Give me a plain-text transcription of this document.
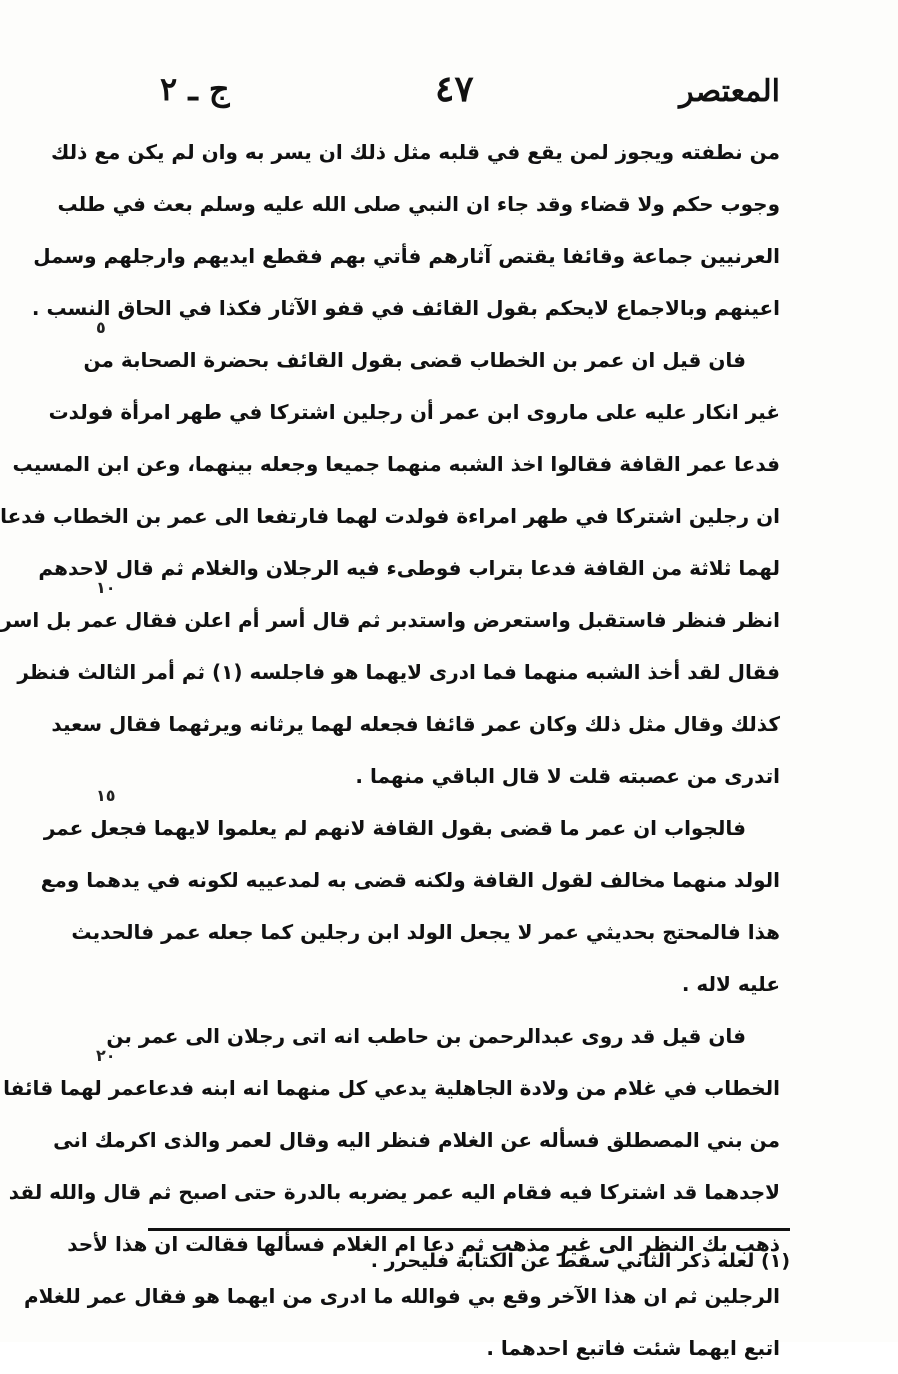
المعتصر
٤٧
ج ـ ٢
من نطفته ويجوز لمن يقع في قلبه مثل ذلك ان يسر به وان لم يكن مع ذلك
وجوب حكم ولا قضاء وقد جاء ان النبي صلى الله عليه وسلم بعث في طلب
العرنيين جماعة وقائفا يقتص آثارهم فأتي بهم فقطع ايديهم وارجلهم وسمل
اعينهم وبالاجماع لايحكم بقول القائف في قفو الآثار فكذا في الحاق النسب .
فان قيل ان عمر بن الخطاب قضى بقول القائف بحضرة الصحابة من
غير انكار عليه على ماروى ابن عمر أن رجلين اشتركا في طهر امرأة فولدت
فدعا عمر القافة فقالوا اخذ الشبه منهما جميعا وجعله بينهما، وعن ابن المسيب
ان رجلين اشتركا في طهر امراءة فولدت لهما فارتفعا الى عمر بن الخطاب فدعا
لهما ثلاثة من القافة فدعا بتراب فوطىء فيه الرجلان والغلام ثم قال لاحدهم
انظر فنظر فاستقبل واستعرض واستدبر ثم قال أسر أم اعلن فقال عمر بل اسر
فقال لقد أخذ الشبه منهما فما ادرى لايهما هو فاجلسه (١) ثم أمر الثالث فنظر
كذلك وقال مثل ذلك وكان عمر قائفا فجعله لهما يرثانه ويرثهما فقال سعيد
اتدرى من عصبته قلت لا قال الباقي منهما .
فالجواب ان عمر ما قضى بقول القافة لانهم لم يعلموا لايهما فجعل عمر
الولد منهما مخالف لقول القافة ولكنه قضى به لمدعييه لكونه في يدهما ومع
هذا فالمحتج بحديثي عمر لا يجعل الولد ابن رجلين كما جعله عمر فالحديث
عليه لاله .
فان قيل قد روى عبدالرحمن بن حاطب انه اتى رجلان الى عمر بن
الخطاب في غلام من ولادة الجاهلية يدعي كل منهما انه ابنه فدعاعمر لهما قائفا
من بني المصطلق فسأله عن الغلام فنظر اليه وقال لعمر والذى اكرمك انى
لاجدهما قد اشتركا فيه فقام اليه عمر يضربه بالدرة حتى اصبح ثم قال والله لقد
ذهب بك النظر الى غير مذهب ثم دعا ام الغلام فسألها فقالت ان هذا لأحد
الرجلين ثم ان هذا الآخر وقع بي فوالله ما ادرى من ايهما هو فقال عمر للغلام
اتبع ايهما شئت فاتبع احدهما .
٥
١٠
١٥
٢٠
(١) لعله ذكر الثاني سقط عن الكتابة فليحرر .
